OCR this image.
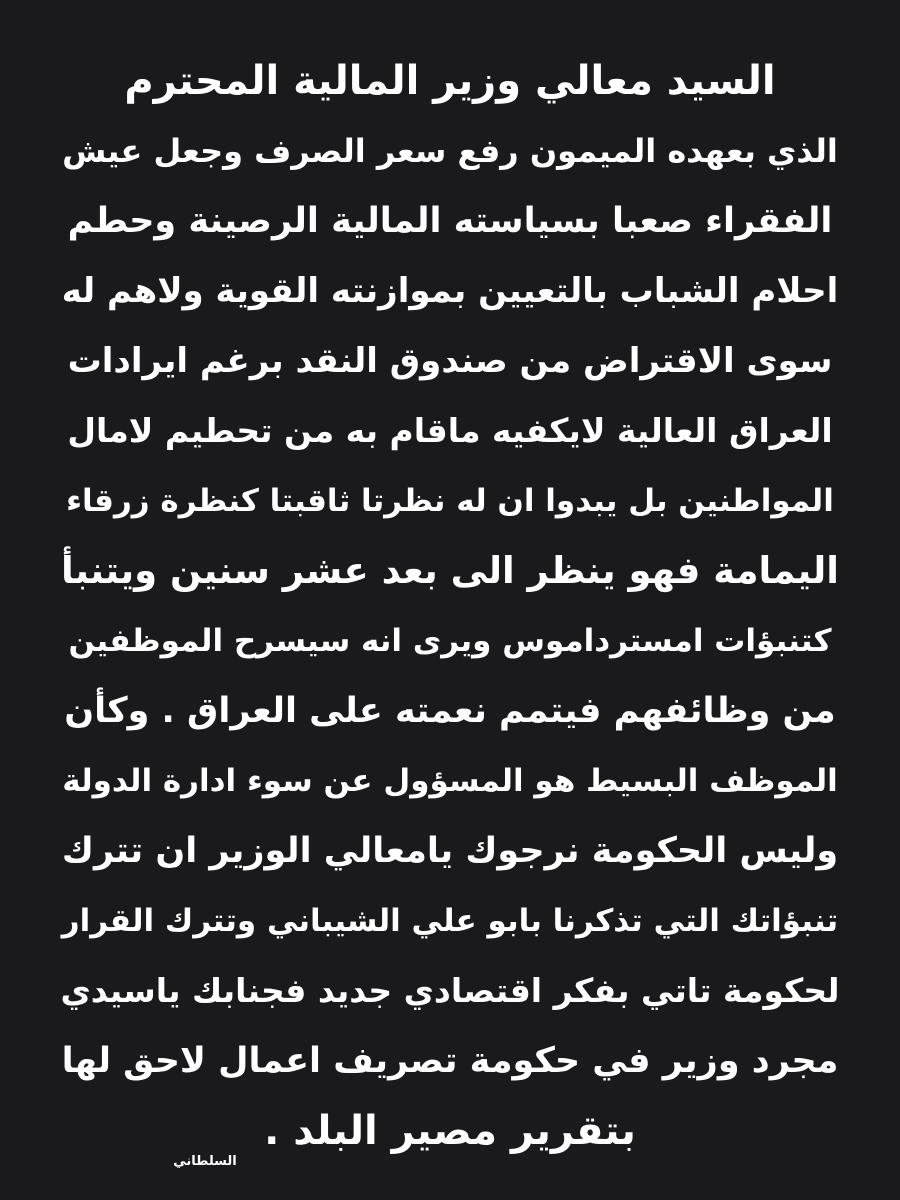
السيد معالي وزير المالية المحترم
الذي بعهده الميمون رفع سعر الصرف وجعل عيش
الفقراء صعبا بسياسته المالية الرصينة وحطم
احلام الشباب بالتعيين بموازنته القوية ولاهم له
سوى الاقتراض من صندوق النقد برغم ايرادات
العراق العالية لايكفيه ماقام به من تحطيم لامال
المواطنين بل يبدوا ان له نظرتا ثاقبتا كنظرة زرقاء
اليمامة فهو ينظر الى بعد عشر سنين ويتنبأ
كتنبؤات امسترداموس ويرى انه سيسرح الموظفين
من وظائفهم فيتمم نعمته على العراق . وكأن
الموظف البسيط هو المسؤول عن سوء ادارة الدولة
وليس الحكومة نرجوك يامعالي الوزير ان تترك
تنبؤاتك التي تذكرنا بابو علي الشيباني وتترك القرار
لحكومة تاتي بفكر اقتصادي جديد فجنابك ياسيدي
مجرد وزير في حكومة تصريف اعمال لاحق لها
بتقرير مصير البلد .
السلطاني
